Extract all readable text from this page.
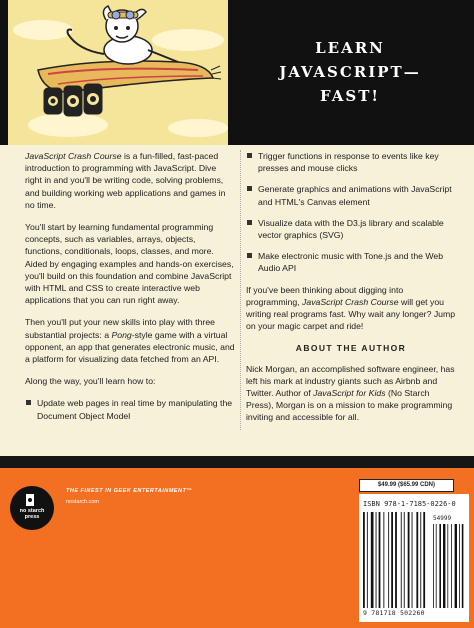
LEARN
JAVASCRIPT—
FAST!

JavaScript Crash Course is a fun-filled, fast-paced introduction to programming with JavaScript. Dive right in and you'll be writing code, solving problems, and building working web applications and games in no time.

You'll start by learning fundamental programming concepts, such as variables, arrays, objects, functions, conditionals, loops, classes, and more. Aided by engaging examples and hands-on exercises, you'll build on this foundation and combine JavaScript with HTML and CSS to create interactive web applications that you can run right away.

Then you'll put your new skills into play with three substantial projects: a Pong-style game with a virtual opponent, an app that generates electronic music, and a platform for visualizing data fetched from an API.

Along the way, you'll learn how to:

Update web pages in real time by manipulating the Document Object Model
Trigger functions in response to events like key presses and mouse clicks
Generate graphics and animations with JavaScript and HTML's Canvas element
Visualize data with the D3.js library and scalable vector graphics (SVG)
Make electronic music with Tone.js and the Web Audio API

If you've been thinking about digging into programming, JavaScript Crash Course will get you writing real programs fast. Why wait any longer? Jump on your magic carpet and ride!

ABOUT THE AUTHOR

Nick Morgan, an accomplished software engineer, has left his mark at industry giants such as Airbnb and Twitter. Author of JavaScript for Kids (No Starch Press), Morgan is on a mission to make programming inviting and accessible for all.

no starch
press
THE FINEST IN GEEK ENTERTAINMENT™
nostarch.com
$49.99 ($65.99 CDN)
ISBN 978-1-7185-0226-0
54999
9 781718 502260
